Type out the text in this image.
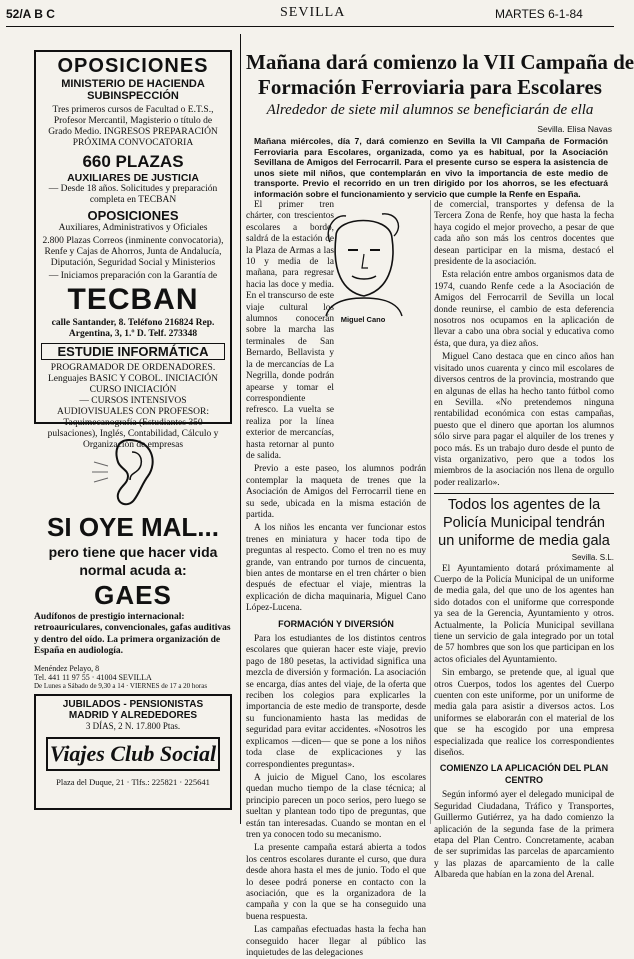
52/A B C	SEVILLA	MARTES 6-1-84
OPOSICIONES
MINISTERIO DE HACIENDA
SUBINSPECCIÓN
Tres primeros cursos de Facultad o E.T.S., Profesor Mercantil, Magisterio o título de Grado Medio. INGRESOS PREPARACIÓN PRÓXIMA CONVOCATORIA
660 PLAZAS
AUXILIARES DE JUSTICIA
— Desde 18 años. Solicitudes y preparación completa en TECBAN
OPOSICIONES
Auxiliares, Administrativos y Oficiales
2.800 Plazas Correos (inminente convocatoria), Renfe y Cajas de Ahorros, Junta de Andalucía, Diputación, Seguridad Social y Ministerios
— Iniciamos preparación con la Garantía de
TECBAN
calle Santander, 8. Teléfono 216824 Rep. Argentina, 3, 1.º D. Telf. 273348
ESTUDIE INFORMÁTICA
PROGRAMADOR DE ORDENADORES. Lenguajes BASIC Y COBOL. INICIACIÓN CURSO INICIACIÓN
— CURSOS INTENSIVOS AUDIOVISUALES CON PROFESOR: Taquimecanografía (Estudiantes 350 pulsaciones), Inglés, Contabilidad, Cálculo y Organización de empresas
SI OYE MAL...
pero tiene que hacer vida
normal acuda a:
GAES
Audífonos de prestigio internacional: retroauriculares, convencionales, gafas auditivas y dentro del oído. La primera organización de España en audiología.
Menéndez Pelayo, 8
Tel. 441 11 97 55 · 41004 SEVILLA
De Lunes a Sábado de 9,30 a 14 · VIERNES de 17 a 20 horas
JUBILADOS - PENSIONISTAS
MADRID Y ALREDEDORES
3 DÍAS, 2 N. 17.800 Ptas.
Viajes Club Social
Plaza del Duque, 21 · Tlfs.: 225821 · 225641
Mañana dará comienzo la VII Campaña de
Formación Ferroviaria para Escolares
Alrededor de siete mil alumnos se beneficiarán de ella
Sevilla. Elisa Navas
Mañana miércoles, día 7, dará comienzo en Sevilla la VII Campaña de Formación Ferroviaria para Escolares, organizada, como ya es habitual, por la Asociación Sevillana de Amigos del Ferrocarril. Para el presente curso se espera la asistencia de unos siete mil niños, que contemplarán en vivo la importancia de este medio de transporte. Previo el recorrido en un tren dirigido por los ahorros, se les efectuará información sobre el funcionamiento y servicio que cumple la Renfe en España.
Miguel Cano

El primer tren chárter, con trescientos escolares a bordo, saldrá de la estación de la Plaza de Armas a las 10 y media de la mañana, para regresar hacia las doce y media. En el transcurso de este viaje cultural los alumnos conocerán sobre la marcha las terminales de San Bernardo, Bellavista y la de mercancías de La Negrilla, donde podrán apearse y tomar el correspondiente refresco. La vuelta se realiza por la línea exterior de mercancías, hasta retornar al punto de salida.

Previo a este paseo, los alumnos podrán contemplar la maqueta de trenes que la Asociación de Amigos del Ferrocarril tiene en su sede, ubicada en la misma estación de partida.

A los niños les encanta ver funcionar estos trenes en miniatura y hacer toda tipo de preguntas al respecto. Como el tren no es muy grande, van entrando por turnos de cincuenta, bien antes de montarse en el tren chárter o bien después de efectuar el viaje, mientras la explicación de dicha maquinaria, Miguel Cano López-Lucena.

FORMACIÓN Y DIVERSIÓN

Para los estudiantes de los distintos centros escolares que quieran hacer este viaje, previo pago de 180 pesetas, la actividad significa una mezcla de diversión y formación. La asociación se encarga, días antes del viaje, de la oferta que reciben los colegios para explicarles la importancia de este medio de transporte, desde su funcionamiento hasta las medidas de seguridad para evitar accidentes. «Nosotros les explicamos —dicen— que se pone a los niños toda clase de explicaciones y las correspondientes preguntas».

A juicio de Miguel Cano, los escolares quedan mucho tiempo de la clase técnica; al principio parecen un poco serios, pero luego se sueltan y plantean todo tipo de preguntas, que están tan interesadas. Cuando se montan en el tren ya conocen todo su mecanismo.

La presente campaña estará abierta a todos los centros escolares durante el curso, que dura desde ahora hasta el mes de junio. Todo el que lo desee podrá ponerse en contacto con la asociación, que es la organizadora de la campaña y con la que se ha conseguido una buena respuesta.

Las campañas efectuadas hasta la fecha han conseguido hacer llegar al público las inquietudes de las delegaciones

de comercial, transportes y defensa de la Tercera Zona de Renfe, hoy que hasta la fecha haya cogido el mejor provecho, a pesar de que cada año son más los centros docentes que desean participar en la misma, destacó el presidente de la asociación.

Esta relación entre ambos organismos data de 1974, cuando Renfe cede a la Asociación de Amigos del Ferrocarril de Sevilla un local donde reunirse, el cambio de esta deferencia nosotros nos ocupamos en la aplicación de llevar a cabo una obra social y educativa como ésta, que dura, ya diez años.

Miguel Cano destaca que en cinco años han visitado unos cuarenta y cinco mil escolares de diversos centros de la provincia, mostrando que en algunas de ellas ha hecho tanto fútbol como en Sevilla. «No pretendemos ninguna rentabilidad económica con estas campañas, puesto que el dinero que aportan los alumnos sólo sirve para pagar el alquiler de los trenes y poco más. Es un trabajo duro desde el punto de vista organizativo, pero que a todos los miembros de la asociación nos llena de orgullo poder realizarlo».

Todos los agentes de la Policía Municipal tendrán un uniforme de media gala
Sevilla. S.L.

El Ayuntamiento dotará próximamente al Cuerpo de la Policía Municipal de un uniforme de media gala, del que uno de los agentes han sido dotados con el uniforme que corresponde ya sea de la Gerencia, Ayuntamiento y otros. Actualmente, la Policía Municipal sevillana tiene un servicio de gala integrado por un total de 57 hombres que son los que participan en los actos oficiales del Ayuntamiento.

Sin embargo, se pretende que, al igual que otros Cuerpos, todos los agentes del Cuerpo cuenten con este uniforme, por un uniforme de media gala para asistir a diversos actos. Los uniformes se elaborarán con el material de los que se ha escogido por una empresa especializada que realice los correspondientes diseños.

COMIENZO LA APLICACIÓN DEL PLAN CENTRO

Según informó ayer el delegado municipal de Seguridad Ciudadana, Tráfico y Transportes, Guillermo Gutiérrez, ya ha dado comienzo la aplicación de la segunda fase de la primera etapa del Plan Centro. Concretamente, acaban de ser suprimidas las parcelas de aparcamiento y las plazas de aparcamiento de la calle Albareda que habían en la zona del Arenal.
